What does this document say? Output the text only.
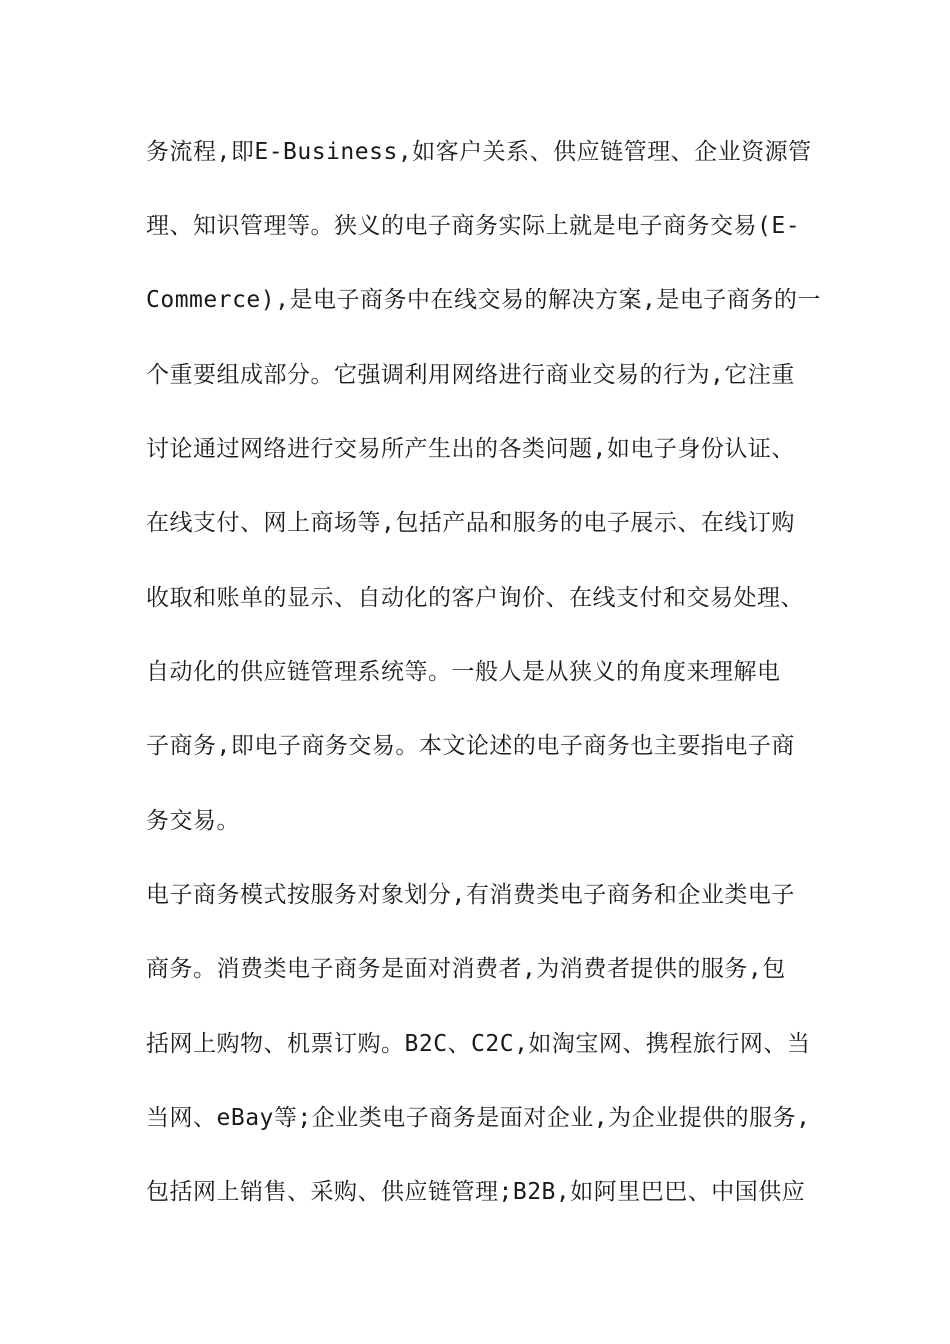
务流程,即E-Business,如客户关系、供应链管理、企业资源管
理、知识管理等。狭义的电子商务实际上就是电子商务交易(E-
Commerce),是电子商务中在线交易的解决方案,是电子商务的一
个重要组成部分。它强调利用网络进行商业交易的行为,它注重
讨论通过网络进行交易所产生出的各类问题,如电子身份认证、
在线支付、网上商场等,包括产品和服务的电子展示、在线订购
收取和账单的显示、自动化的客户询价、在线支付和交易处理、
自动化的供应链管理系统等。一般人是从狭义的角度来理解电
子商务,即电子商务交易。本文论述的电子商务也主要指电子商
务交易。
电子商务模式按服务对象划分,有消费类电子商务和企业类电子
商务。消费类电子商务是面对消费者,为消费者提供的服务,包
括网上购物、机票订购。B2C、C2C,如淘宝网、携程旅行网、当
当网、eBay等;企业类电子商务是面对企业,为企业提供的服务,
包括网上销售、采购、供应链管理;B2B,如阿里巴巴、中国供应
